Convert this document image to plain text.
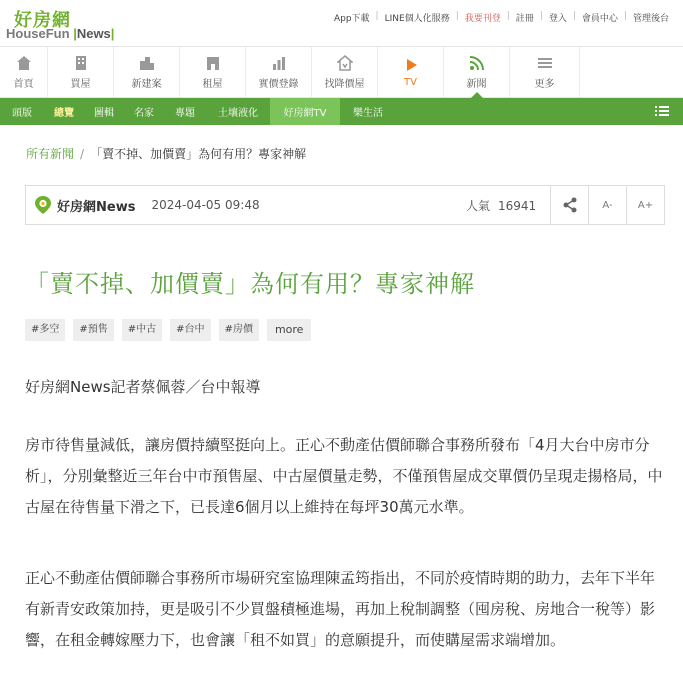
好房網
HouseFun |News|
App下載 | LINE個人化服務 | 我要刊登 | 註冊 | 登入 | 會員中心 | 管理後台
首頁	買屋	新建案	租屋	實價登錄	找降價屋	TV	新聞	更多
頭版	總覽	圖輯	名家	專題	土壤液化	好房網TV	樂生活
所有新聞 / 「賣不掉、加價賣」為何有用？專家神解
好房網News 2024-04-05 09:48	人氣 16941	A-	A+
「賣不掉、加價賣」為何有用？專家神解
#多空	#預售	#中古	#台中	#房價	more
好房網News記者蔡佩蓉／台中報導

房市待售量減低，讓房價持續堅挺向上。正心不動產估價師聯合事務所發布「4月大台中房市分析」，分別彙整近三年台中市預售屋、中古屋價量走勢，不僅預售屋成交單價仍呈現走揚格局，中古屋在待售量下滑之下，已長達6個月以上維持在每坪30萬元水準。

正心不動產估價師聯合事務所市場研究室協理陳孟筠指出，不同於疫情時期的助力，去年下半年有新青安政策加持，更是吸引不少買盤積極進場，再加上稅制調整（囤房稅、房地合一稅等）影響，在租金轉嫁壓力下，也會讓「租不如買」的意願提升，而使購屋需求端增加。
